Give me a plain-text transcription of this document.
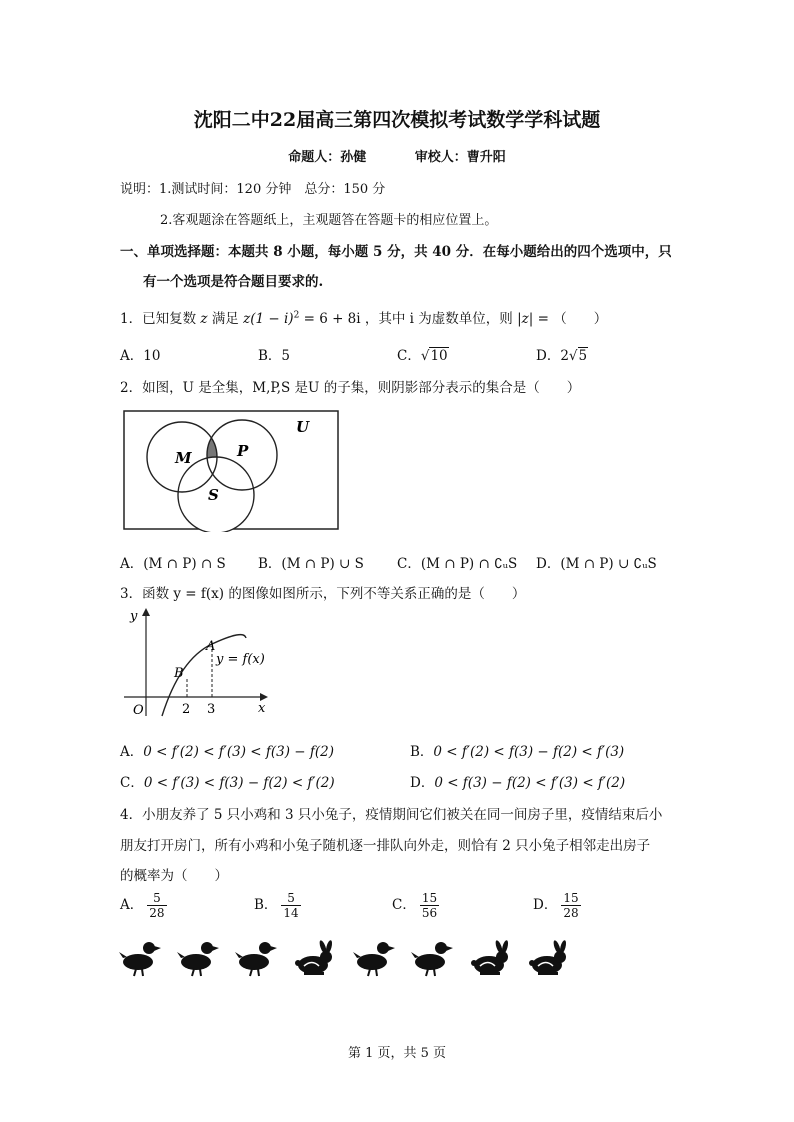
沈阳二中22届高三第四次模拟考试数学学科试题
命题人：孙健	审校人：曹升阳
说明：1.测试时间：120 分钟　总分：150 分
2.客观题涂在答题纸上，主观题答在答题卡的相应位置上。
一、单项选择题：本题共 8 小题，每小题 5 分，共 40 分．在每小题给出的四个选项中，只
有一个选项是符合题目要求的.
1．已知复数 z 满足 $z(1 - i)^2 = 6 + 8i$ ，其中 i 为虚数单位，则 |z| = （　　）
A．10	B．5	C．√10	D．2√5
2．如图，U 是全集，M,P,S 是U 的子集，则阴影部分表示的集合是（　　）
U
M	P
S
A．(M ∩ P) ∩ S B．(M ∩ P) ∪ S C．(M ∩ P) ∩ ∁ᵤS D．(M ∩ P) ∪ ∁ᵤS
3．函数 y = f(x) 的图像如图所示，下列不等关系正确的是（　　）
y
x
O
A
B
2 3
y = f(x)
A．0 < f′(2) < f′(3) < f(3) − f(2)	B．0 < f′(2) < f(3) − f(2) < f′(3)
C．0 < f′(3) < f(3) − f(2) < f′(2)	D．0 < f(3) − f(2) < f′(3) < f′(2)
4．小朋友养了 5 只小鸡和 3 只小兔子，疫情期间它们被关在同一间房子里，疫情结束后小
朋友打开房门，所有小鸡和小兔子随机逐一排队向外走，则恰有 2 只小兔子相邻走出房子
的概率为（　　）
A． $\frac{5}{28}$	B． $\frac{5}{14}$	C． $\frac{15}{56}$	D． $\frac{15}{28}$
第 1 页，共 5 页
